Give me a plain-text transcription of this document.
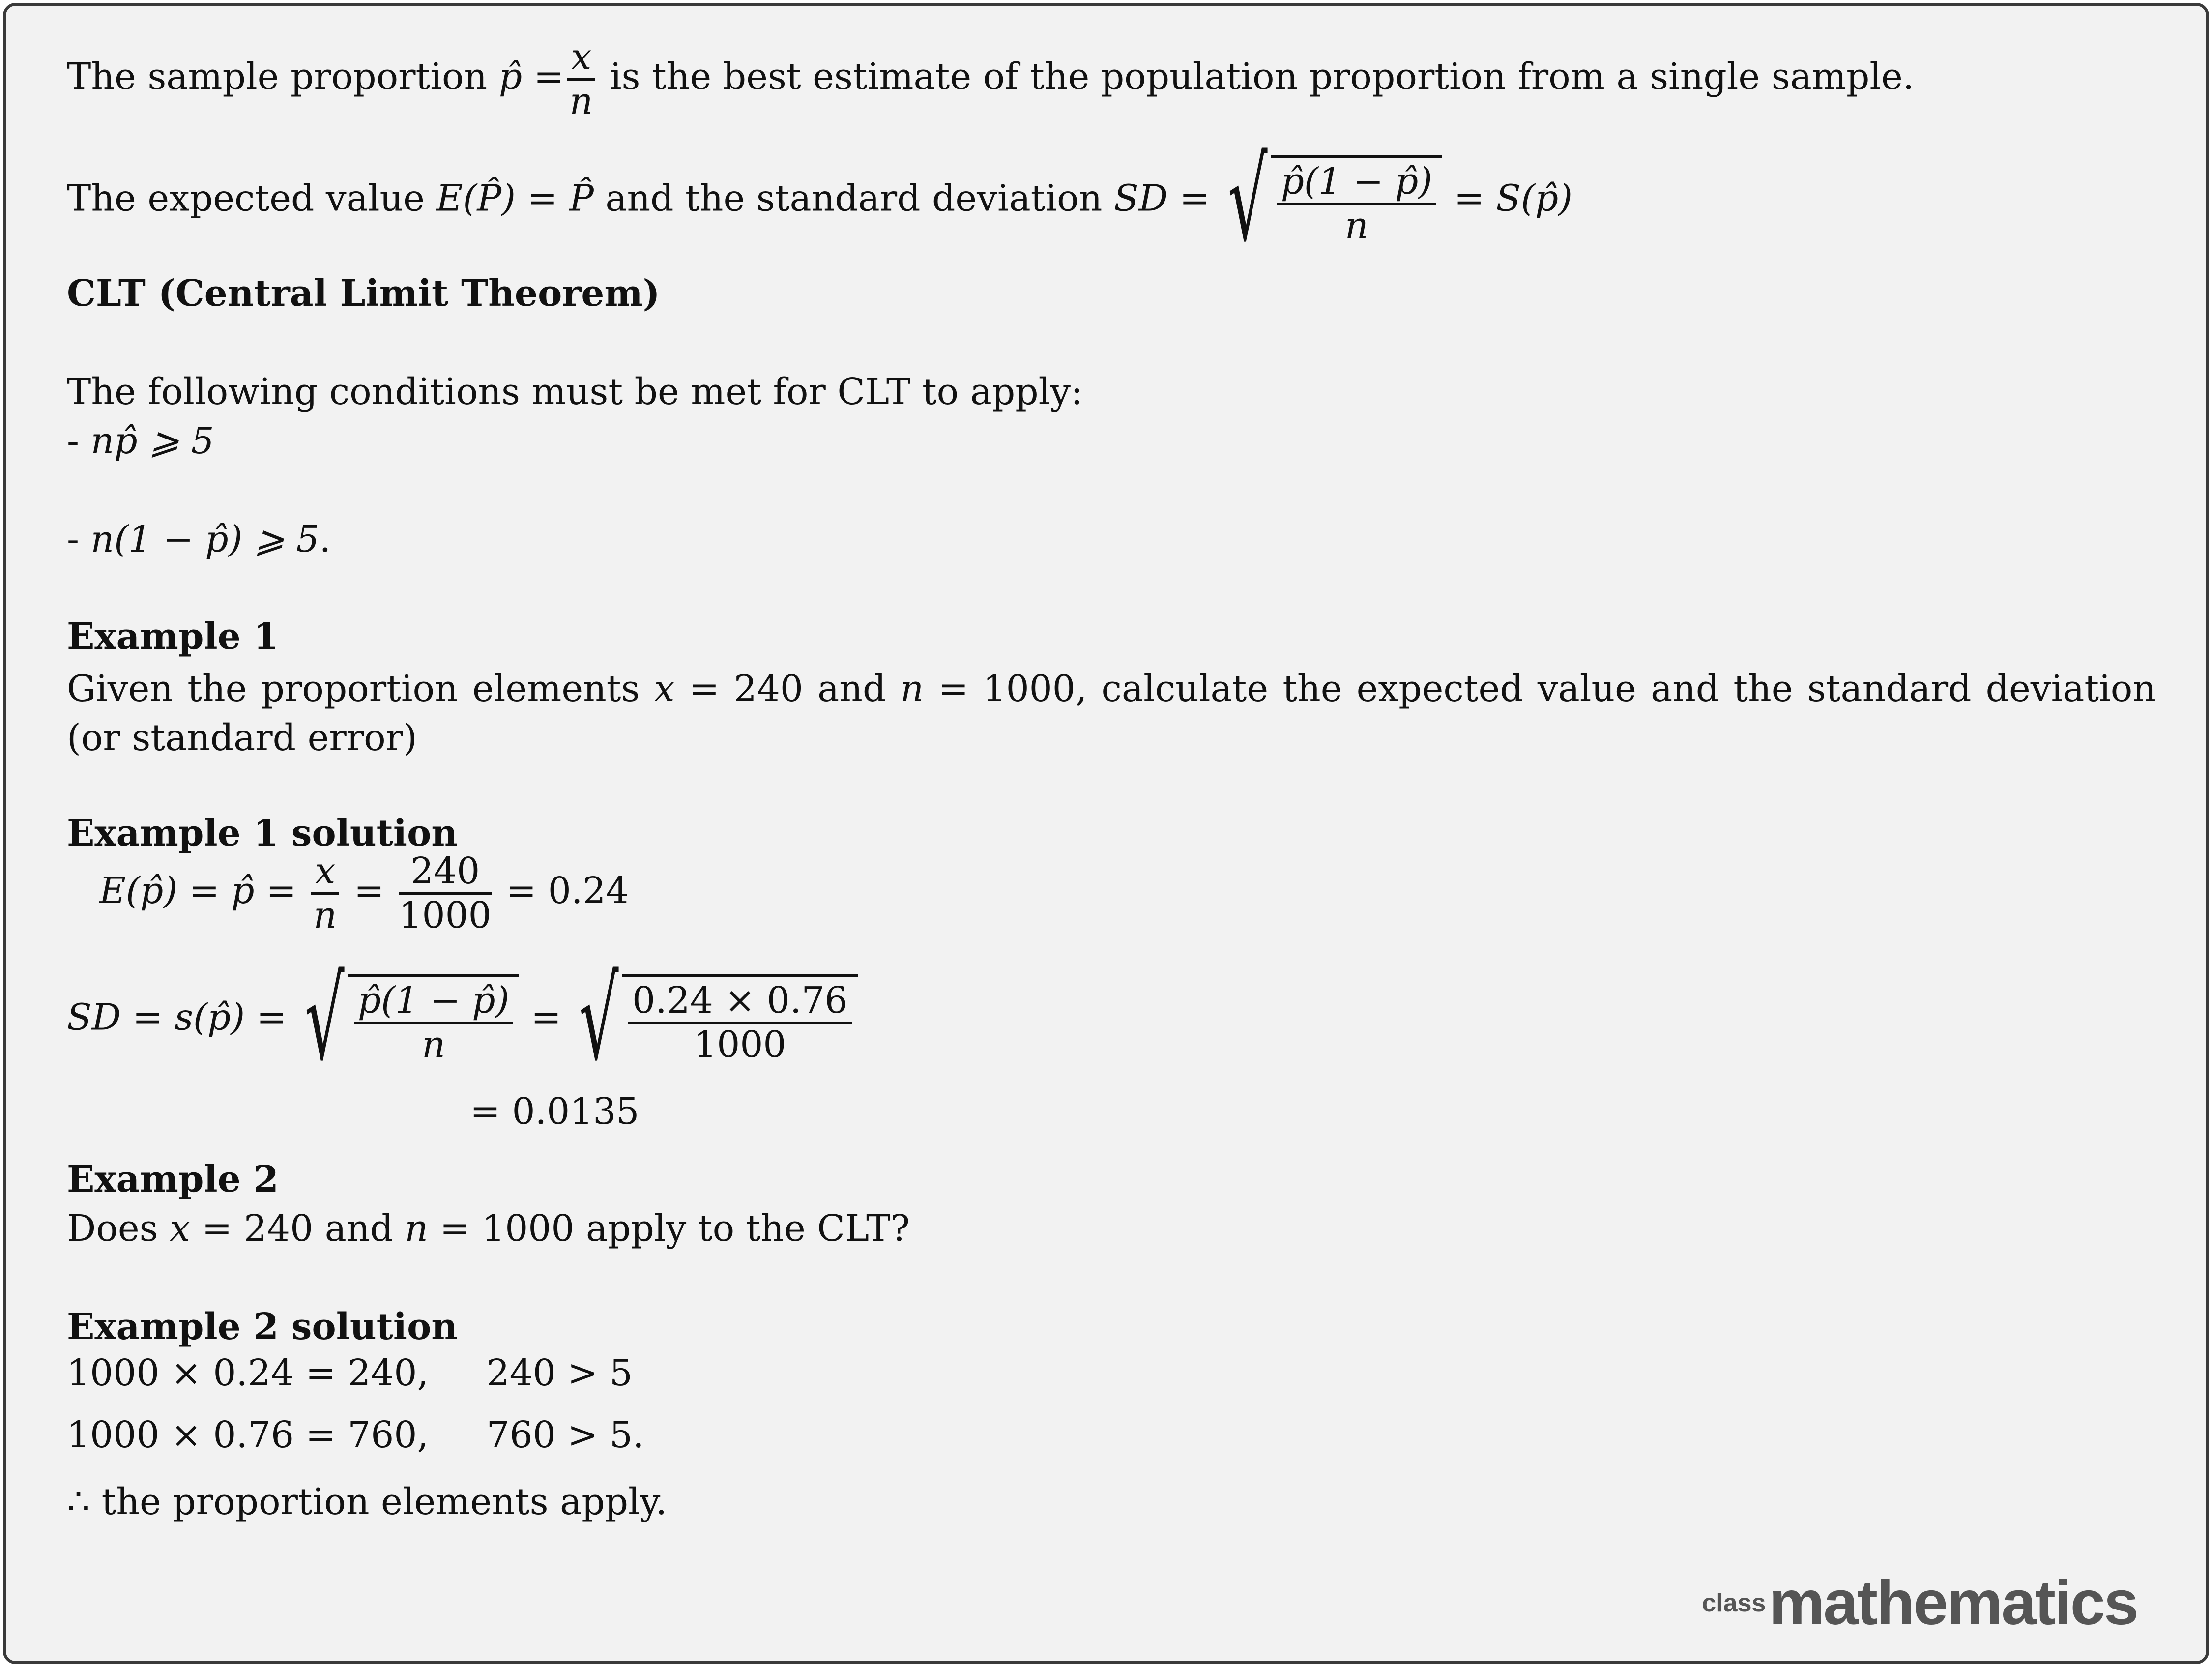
The sample proportion p̂ = $\frac{x}{n}$ is the best estimate of the population proportion from a single sample.
The expected value E(P̂) = P̂ and the standard deviation SD = √ $\frac{p̂(1 - p̂)}{n}$ = S(p̂)
CLT (Central Limit Theorem)
The following conditions must be met for CLT to apply:
- np̂ ⩾ 5
- n(1 − p̂) ⩾ 5.
Example 1
Given the proportion elements x = 240 and n = 1000, calculate the expected value and the standard deviation (or standard error)
Example 1 solution
E(p̂) = p̂ = $\frac{x}{n} = \frac{240}{1000} = 0.24$
SD = s(p̂) = √ $\frac{p̂(1 - p̂)}{n}$ = √ $\frac{0.24 \times 0.76}{1000}$
= 0.0135
Example 2
Does x = 240 and n = 1000 apply to the CLT?
Example 2 solution
1000 × 0.24 = 240,     240 > 5
1000 × 0.76 = 760,     760 > 5.
∴ the proportion elements apply.
classmathematics
